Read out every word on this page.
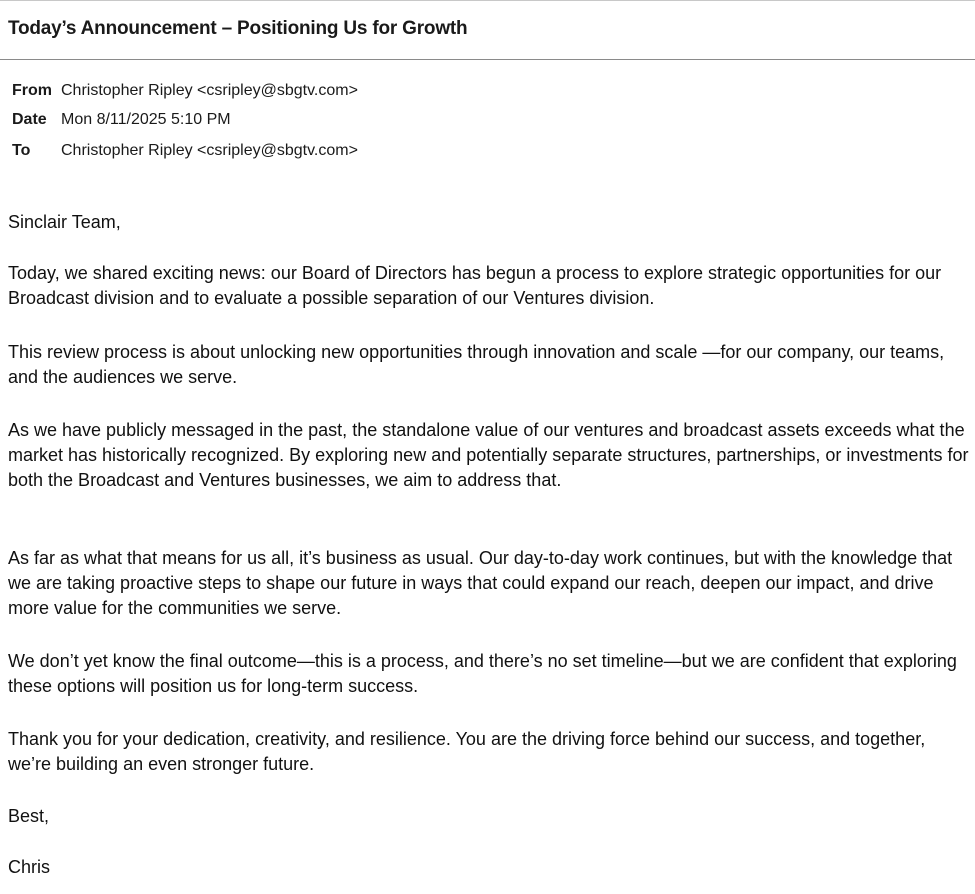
Today’s Announcement – Positioning Us for Growth
From Christopher Ripley <csripley@sbgtv.com>
Date Mon 8/11/2025 5:10 PM
To Christopher Ripley <csripley@sbgtv.com>

Sinclair Team,

Today, we shared exciting news: our Board of Directors has begun a process to explore strategic opportunities for our Broadcast division and to evaluate a possible separation of our Ventures division.

This review process is about unlocking new opportunities through innovation and scale —for our company, our teams, and the audiences we serve.

As we have publicly messaged in the past, the standalone value of our ventures and broadcast assets exceeds what the market has historically recognized. By exploring new and potentially separate structures, partnerships, or investments for both the Broadcast and Ventures businesses, we aim to address that.

As far as what that means for us all, it’s business as usual. Our day-to-day work continues, but with the knowledge that we are taking proactive steps to shape our future in ways that could expand our reach, deepen our impact, and drive more value for the communities we serve.

We don’t yet know the final outcome—this is a process, and there’s no set timeline—but we are confident that exploring these options will position us for long-term success.

Thank you for your dedication, creativity, and resilience. You are the driving force behind our success, and together, we’re building an even stronger future.

Best,

Chris
